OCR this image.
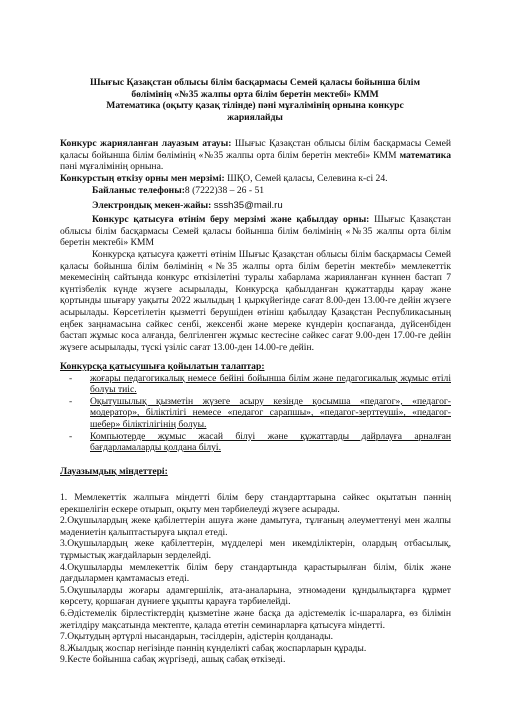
Шығыс Қазақстан облысы білім басқармасы Семей қаласы бойынша білім
бөлімінің «№35 жалпы орта білім беретін мектебі» КММ
Математика (оқыту қазақ тілінде) пәні мұғалімінің орнына конкурс
жариялайды

Конкурс жарияланған лауазым атауы: Шығыс Қазақстан облысы білім басқармасы Семей қаласы бойынша білім бөлімінің «№35 жалпы орта білім беретін мектебі» КММ математика пәні мұғалімінің орнына.

Конкурстың өткізу орны мен мерзімі: ШҚО, Семей қаласы, Селевина к-сі 24.

Байланыс телефоны:8 (7222)38 – 26 - 51

Электрондық мекен-жайы: sssh35@mail.ru

Конкурс қатысуға өтінім беру мерзімі және қабылдау орны: Шығыс Қазақстан облысы білім басқармасы Семей қаласы бойынша білім бөлімінің «№35 жалпы орта білім беретін мектебі» КММ

Конкурсқа қатысуға қажетті өтінім Шығыс Қазақстан облысы білім басқармасы Семей қаласы бойынша білім бөлімінің «№35 жалпы орта білім беретін мектебі» мемлекеттік мекемесінің сайтында конкурс өткізілетіні туралы хабарлама жарияланған күннен бастап 7 күнтізбелік күнде жүзеге асырылады, Конкурсқа қабылданған құжаттарды қарау және қортынды шығару уақыты 2022 жылыдың 1 қыркүйегінде сағат 8.00-ден 13.00-ге дейін жүзеге асырылады. Көрсетілетін қызметті берушіден өтініш қабылдау Қазақстан Республикасының еңбек заңнамасына сәйкес сенбі, жексенбі және мереке күндерін қоспағанда, дүйсенбіден бастап жұмыс коса алғанда, белгіленген жұмыс кестесіне сәйкес сағат 9.00-ден 17.00-ге дейін жүзеге асырылады, түскі үзіліс сағат 13.00-ден 14.00-ге дейін.

Конкурсқа қатысушыға қойылатын талаптар:
- жоғары педагогикалық немесе бейіні бойынша білім және педагогикалық жұмыс өтілі болуы тиіс.
- Оқытушылық қызметін жүзеге асыру кезінде қосымша «педагог», «педагог-модератор», біліктілігі немесе «педагог сарапшы», «педагог-зерттеуші», «педагог-шебер» біліктілігінің болуы.
- Компьютерде жұмыс жасай білуі және құжаттарды дайрлауға арналған бағдарламаларды қолдана білуі.
Лауазымдық міндеттері:

1. Мемлекеттік жалпыға міндетті білім беру стандарттарына сәйкес оқытатын пәннің ерекшелігін ескере отырып, оқыту мен тәрбиелеуді жүзеге асырады.

2.Оқушылардың жеке қабілеттерін ашуға және дамытуға, тұлғаның әлеуметтенуі мен жалпы мәдениетін қалыптастыруға ықпал етеді.

3.Оқушылардың жеке қабілеттерін, мүдделері мен икемділіктерін, олардың отбасылық, тұрмыстық жағдайларын зерделейді.

4.Оқушыларды мемлекеттік білім беру стандартында қарастырылған білім, білік және дағдылармен қамтамасыз етеді.

5.Оқушыларды жоғары адамгершілік, ата-аналарына, этномәдени құндылықтарға құрмет көрсету, қоршаған дүниеге ұқыпты қарауға тәрбиелейді.

6.Әдістемелік бірлестіктердің қызметіне және басқа да әдістемелік іс-шараларға, өз білімін жетілдіру мақсатында мектепте, қалада өтетін семинарларға қатысуға міндетті.

7.Оқытудың әртүрлі нысандарын, тәсілдерін, әдістерін қолданады.

8.Жылдық жоспар негізінде пәннің күнделікті сабақ жоспарларын құрады.

9.Кесте бойынша сабақ жүргізеді, ашық сабақ өткізеді.
